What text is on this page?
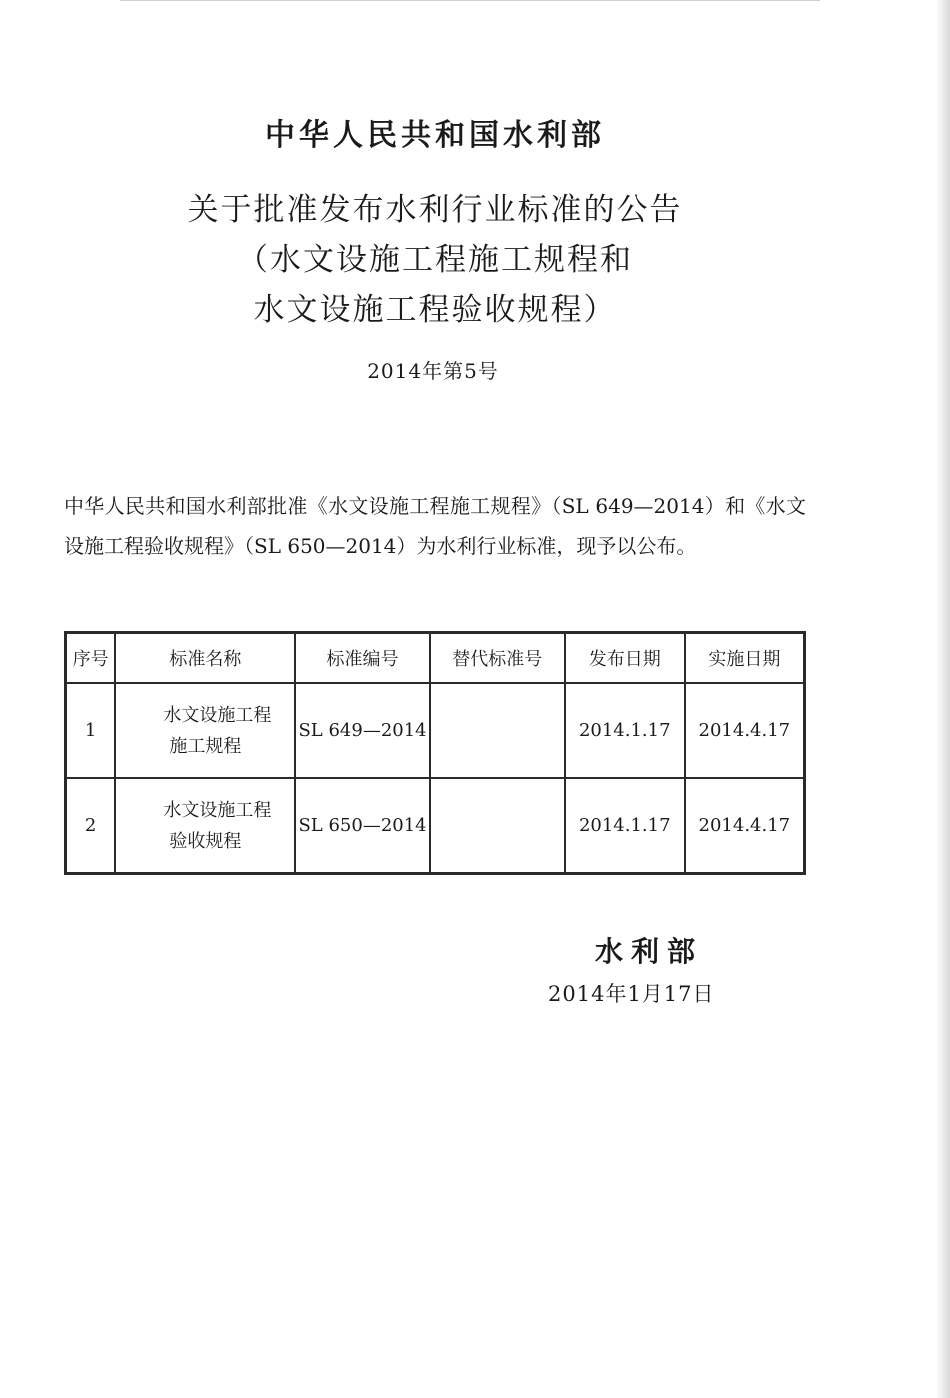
中华人民共和国水利部
关于批准发布水利行业标准的公告
（水文设施工程施工规程和
水文设施工程验收规程）
2014年第5号

中华人民共和国水利部批准《水文设施工程施工规程》（SL 649—2014）和《水文设施工程验收规程》（SL 650—2014）为水利行业标准，现予以公布。

序号	标准名称	标准编号	替代标准号	发布日期	实施日期
1	水文设施工程
施工规程	SL 649—2014		2014.1.17	2014.4.17
2	水文设施工程
验收规程	SL 650—2014		2014.1.17	2014.4.17
水利部
2014年1月17日
